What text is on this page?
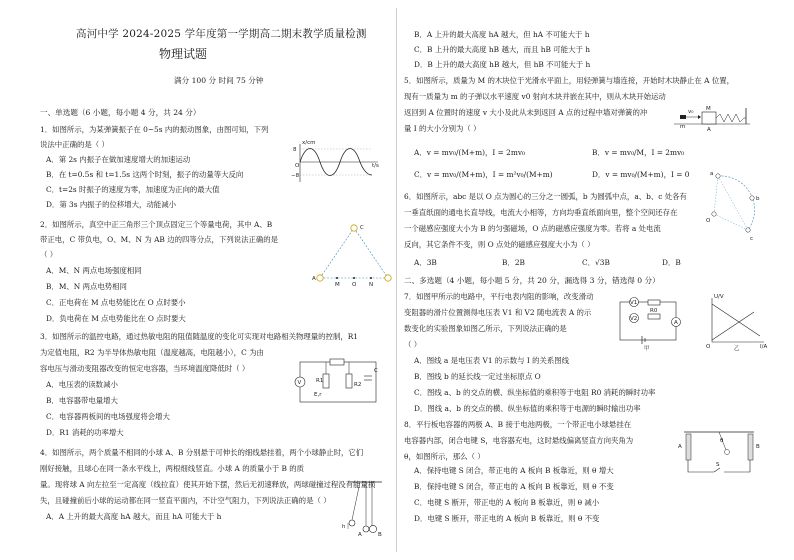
高河中学 2024-2025 学年度第一学期高二期末教学质量检测
物理试题
满分 100 分 时间 75 分钟
一、单选题（6 小题，每小题 4 分，共 24 分）
1．如图所示，为某弹簧振子在 0~5s 内的振动图象，由图可知，下列
说法中正确的是（ ）
A．第 2s 内振子在做加速度增大的加速运动
B．在 t=0.5s 和 t=1.5s 这两个时刻，振子的动量等大反向
C．t=2s 时振子的速度为零，加速度为正向的最大值
D．第 3s 内振子的位移增大，动能减小
x/cm
8
−8
t/s
O
2．如图所示，真空中正三角形三个顶点固定三个等量电荷，其中 A、B
带正电，C 带负电，O、M、N 为 AB 边的四等分点，下列说法正确的是
（ ）
A．M、N 两点电场强度相同
B．M、N 两点电势相同
C．正电荷在 M 点电势能比在 O 点时要小
D．负电荷在 M 点电势能比在 O 点时要大
C
A
M O N
3．如图所示的温控电路，通过热敏电阻的阻值随温度的变化可实现对电路相关物理量的控制，R1
为定值电阻，R2 为半导体热敏电阻（温度越高，电阻越小），C 为由
容电压与滑动变阻器改变的恒定电容器，当环境温度降低时（ ）
A．电压表的读数减小
B．电容器带电量增大
C．电容器两板间的电场强度将会增大
D．R1 消耗的功率增大
V	R1
E,r
C
R2
4．如图所示，两个质量不相同的小球 A、B 分别悬于可伸长的细线悬挂着，两个小球静止时，它们
刚好接触，且球心在同一条水平线上，两根细线竖直。小球 A 的质量小于 B 的质
量。现将球 A 向左拉至一定高度（线拉直）使其开始下摆，然后无初速释放，两球碰撞过程没有能量损
失，且碰撞前后小球的运动都在同一竖直平面内，不计空气阻力，下列说法正确的是（ ）
A．A 上升的最大高度 hA 越大，而且 hA 可能大于 h
h
A	B
B．A 上升的最大高度 hA 越大，但 hA 不可能大于 h
C．B 上升的最大高度 hB 越大，而且 hB 可能大于 h
D．B 上升的最大高度 hB 越大，但 hB 不可能大于 h
5．如图所示，质量为 M 的木块位于光滑水平面上，用轻弹簧与墙连接，开始时木块静止在 A 位置，
现有一质量为 m 的子弹以水平速度 v0 射向木块并嵌在其中，则从木块开始运动
返回到 A 位置时的速度 v 大小及此从未到返回 A 点的过程中墙对弹簧的冲
量 I 的大小分别为（ ）
A．v = mv₀/(M+m)，I = 2mv₀	B．v = mv₀/M，I = 2mv₀
C．v = mv₀/(M+m)，I = m²v₀/(M+m)	D．v = mv₀/(M+m)，I = 0
v₀
m
M
A
6．如图所示，abc 是以 O 点为圆心的三分之一圆弧，b 为圆弧中点，a、b、c 处各有
一垂直纸面的通电长直导线，电流大小相等，方向均垂直纸面向里，整个空间还存在
一个磁感应强度大小为 B 的匀强磁场，O 点的磁感应强度为零。若将 a 处电流
反向，其它条件不变，则 O 点处的磁感应强度大小为（ ）
A．3B	B．2B	C．√3B	D．B
a
b
c
O
二、多选题（4 小题，每小题 5 分，共 20 分，漏选得 3 分，错选得 0 分）
7．如图甲所示的电路中，平行电表内阻的影响，改变滑动
变阻器的滑片位置测得电压表 V1 和 V2 随电流表 A 的示
数变化的实验图象如图乙所示，下列说法正确的是
（ ）
A．图线 a 是电压表 V1 的示数与 I 的关系图线
B．图线 b 的延长线一定过坐标原点 O
C．图线 a、b 的交点的横、纵坐标值的乘积等于电阻 R0 消耗的瞬时功率
D．图线 a、b 的交点的横、纵坐标值的乘积等于电源的瞬时输出功率
V1
V2
A
R0
甲
U/V
I/A
O	乙
8．平行板电容器的两极 A、B 接于电池两极，一个带正电小球悬挂在
电容器内部，闭合电键 S，电容器充电，这时悬线偏离竖直方向夹角为
θ，如图所示，那么（ ）
A．保持电键 S 闭合，带正电的 A 板向 B 板靠近，则 θ 增大
B．保持电键 S 闭合，带正电的 A 板向 B 板靠近，则 θ 不变
C．电键 S 断开，带正电的 A 板向 B 板靠近，则 θ 减小
D．电键 S 断开，带正电的 A 板向 B 板靠近，则 θ 不变
A	B
S
θ
